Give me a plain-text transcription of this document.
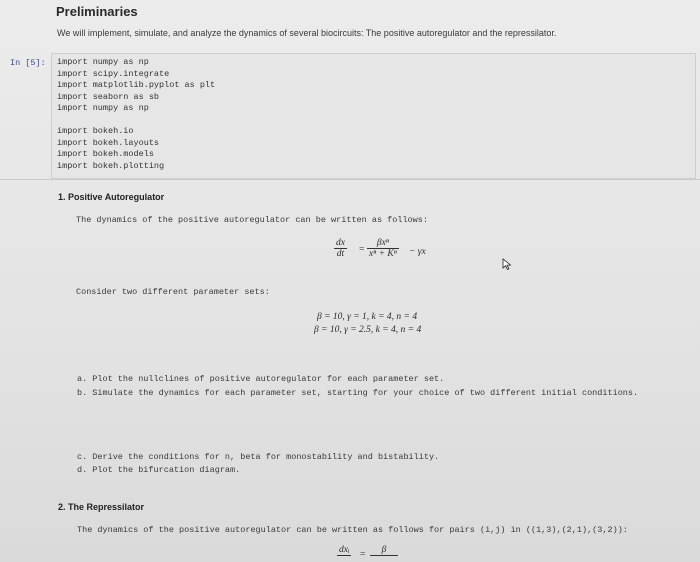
Preliminaries
We will implement, simulate, and analyze the dynamics of several biocircuits: The positive autoregulator and the repressilator.
In [5]: import numpy as np
import scipy.integrate
import matplotlib.pyplot as plt
import seaborn as sb
import numpy as np
import bokeh.io
import bokeh.layouts
import bokeh.models
import bokeh.plotting
1. Positive Autoregulator
The dynamics of the positive autoregulator can be written as follows:
$\frac{dx}{dt}$ =
βxⁿ
xⁿ + Kⁿ − γx
Consider two different parameter sets:
β = 10, γ = 1, k = 4, n = 4
β = 10, γ = 2.5, k = 4, n = 4
a. Plot the nullclines of positive autoregulator for each parameter set.
b. Simulate the dynamics for each parameter set, starting for your choice of two different initial conditions.
c. Derive the conditions for n, beta for monostability and bistability.
d. Plot the bifurcation diagram.
2. The Repressilator
The dynamics of the positive autoregulator can be written as follows for pairs (i,j) in ((1,3),(2,1),(3,2)):
dxᵢ =	β
